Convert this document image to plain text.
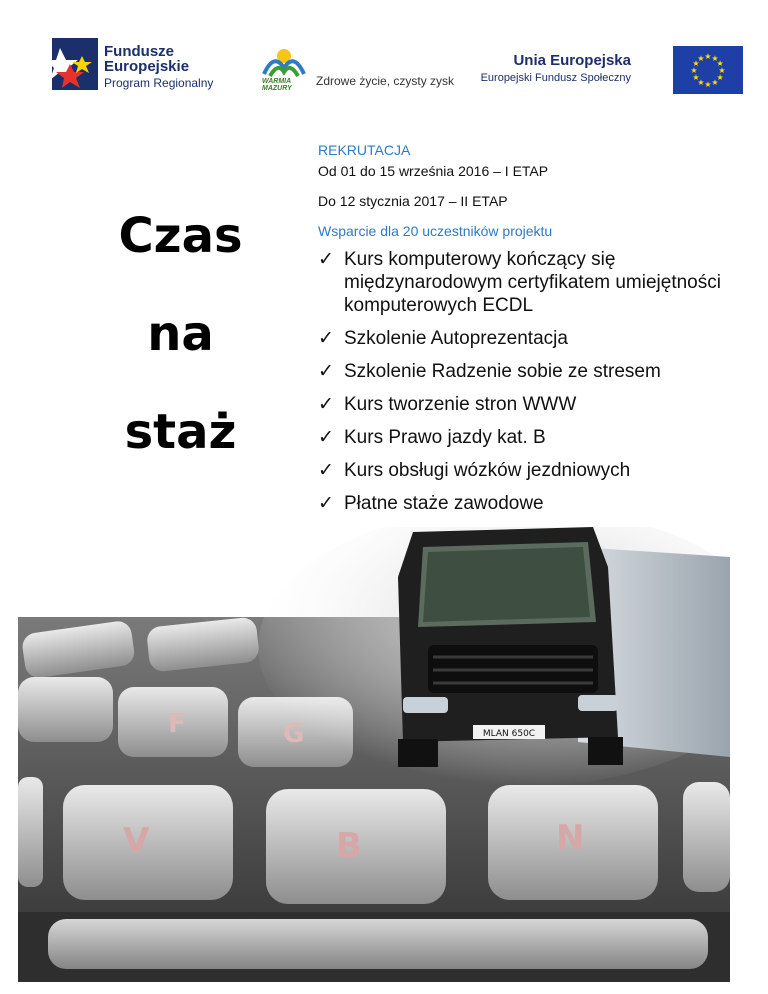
Fundusze
Europejskie
Program Regionalny	WARMIA MAZURY
Zdrowe życie, czysty zysk
Unia Europejska
Europejski Fundusz Społeczny
★
★
★
★
★
★
★
★
★ ★ ★
★
Czas
na
staż
REKRUTACJA
Od 01 do 15 września 2016 – I ETAP
Do 12 stycznia 2017 – II ETAP
Wsparcie dla 20 uczestników projektu
✓ Kurs komputerowy kończący się międzynarodowym certyfikatem umiejętności komputerowych ECDL
✓ Szkolenie Autoprezentacja
✓ Szkolenie Radzenie sobie ze stresem
✓ Kurs tworzenie stron WWW
✓ Kurs Prawo jazdy kat. B
✓ Kurs obsługi wózków jezdniowych
✓ Płatne staże zawodowe
F	G
V	B	N
MLAN 650C
